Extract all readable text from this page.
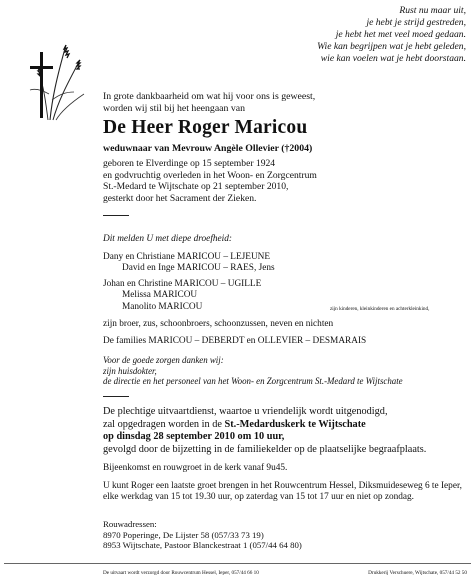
Rust nu maar uit,
je hebt je strijd gestreden,
je hebt het met veel moed gedaan.
Wie kan begrijpen wat je hebt geleden,
wie kan voelen wat je hebt doorstaan.
In grote dankbaarheid om wat hij voor ons is geweest,
worden wij stil bij het heengaan van
De Heer Roger Maricou
weduwnaar van Mevrouw Angèle Ollevier (†2004)
geboren te Elverdinge op 15 september 1924
en godvruchtig overleden in het Woon- en Zorgcentrum
St.-Medard te Wijtschate op 21 september 2010,
gesterkt door het Sacrament der Zieken.
Dit melden U met diepe droefheid:
Dany en Christiane MARICOU – LEJEUNE
David en Inge MARICOU – RAES, Jens
Johan en Christine MARICOU – UGILLE
Melissa MARICOU
Manolito MARICOU	zijn kinderen, kleinkinderen en achterkleinkind,
zijn broer, zus, schoonbroers, schoonzussen, neven en nichten
De families MARICOU – DEBERDT en OLLEVIER – DESMARAIS
Voor de goede zorgen danken wij:
zijn huisdokter,
de directie en het personeel van het Woon- en Zorgcentrum St.-Medard te Wijtschate
De plechtige uitvaartdienst, waartoe u vriendelijk wordt uitgenodigd,
zal opgedragen worden in de St.-Medarduskerk te Wijtschate
op dinsdag 28 september 2010 om 10 uur,
gevolgd door de bijzetting in de familiekelder op de plaatselijke begraafplaats.
Bijeenkomst en rouwgroet in de kerk vanaf 9u45.
U kunt Roger een laatste groet brengen in het Rouwcentrum Hessel, Diksmuideseweg 6 te Ieper,
elke werkdag van 15 tot 19.30 uur, op zaterdag van 15 tot 17 uur en niet op zondag.
Rouwadressen:
8970 Poperinge, De Lijster 58 (057/33 73 19)
8953 Wijtschate, Pastoor Blanckestraat 1 (057/44 64 80)
De uitvaart wordt verzorgd door Rouwcentrum Hessel, Ieper, 057/44 66 10	Drukkerij Verschuere, Wijtschate, 057/44 52 50
